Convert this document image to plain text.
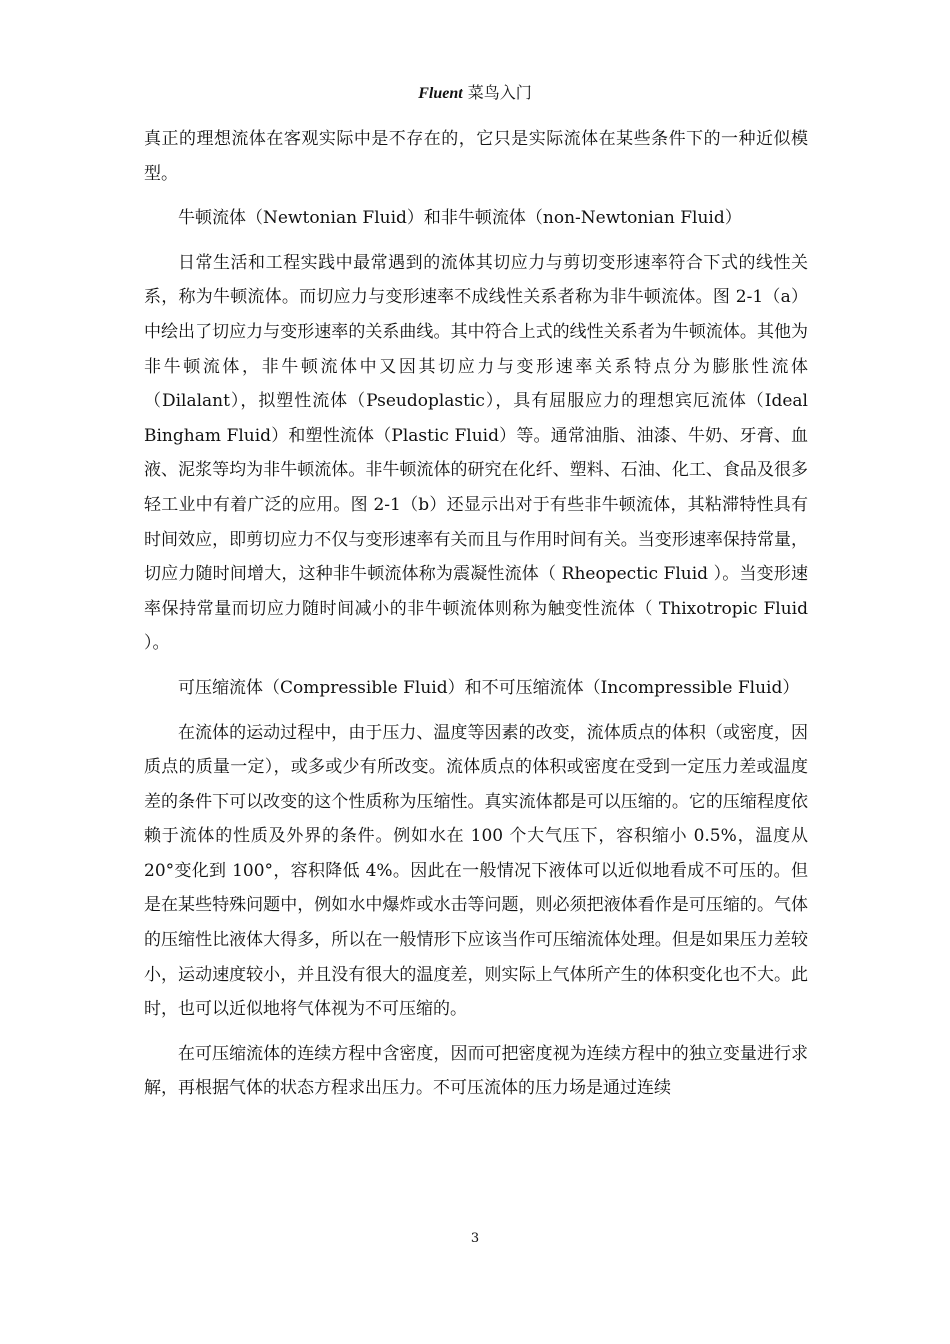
Fluent 菜鸟入门

真正的理想流体在客观实际中是不存在的，它只是实际流体在某些条件下的一种近似模型。

牛顿流体（Newtonian Fluid）和非牛顿流体（non-Newtonian Fluid）

日常生活和工程实践中最常遇到的流体其切应力与剪切变形速率符合下式的线性关系，称为牛顿流体。而切应力与变形速率不成线性关系者称为非牛顿流体。图 2-1（a）中绘出了切应力与变形速率的关系曲线。其中符合上式的线性关系者为牛顿流体。其他为非牛顿流体，非牛顿流体中又因其切应力与变形速率关系特点分为膨胀性流体（Dilalant），拟塑性流体（Pseudoplastic），具有屈服应力的理想宾厄流体（Ideal Bingham Fluid）和塑性流体（Plastic Fluid）等。通常油脂、油漆、牛奶、牙膏、血液、泥浆等均为非牛顿流体。非牛顿流体的研究在化纤、塑料、石油、化工、食品及很多轻工业中有着广泛的应用。图 2-1（b）还显示出对于有些非牛顿流体，其粘滞特性具有时间效应，即剪切应力不仅与变形速率有关而且与作用时间有关。当变形速率保持常量，切应力随时间增大，这种非牛顿流体称为震凝性流体（ Rheopectic Fluid ）。当变形速率保持常量而切应力随时间减小的非牛顿流体则称为触变性流体（ Thixotropic Fluid ）。

可压缩流体（Compressible Fluid）和不可压缩流体（Incompressible Fluid）

在流体的运动过程中，由于压力、温度等因素的改变，流体质点的体积（或密度，因质点的质量一定），或多或少有所改变。流体质点的体积或密度在受到一定压力差或温度差的条件下可以改变的这个性质称为压缩性。真实流体都是可以压缩的。它的压缩程度依赖于流体的性质及外界的条件。例如水在 100 个大气压下，容积缩小 0.5%，温度从 20°变化到 100°，容积降低 4%。因此在一般情况下液体可以近似地看成不可压的。但是在某些特殊问题中，例如水中爆炸或水击等问题，则必须把液体看作是可压缩的。气体的压缩性比液体大得多，所以在一般情形下应该当作可压缩流体处理。但是如果压力差较小，运动速度较小，并且没有很大的温度差，则实际上气体所产生的体积变化也不大。此时，也可以近似地将气体视为不可压缩的。

在可压缩流体的连续方程中含密度，因而可把密度视为连续方程中的独立变量进行求解，再根据气体的状态方程求出压力。不可压流体的压力场是通过连续

3
